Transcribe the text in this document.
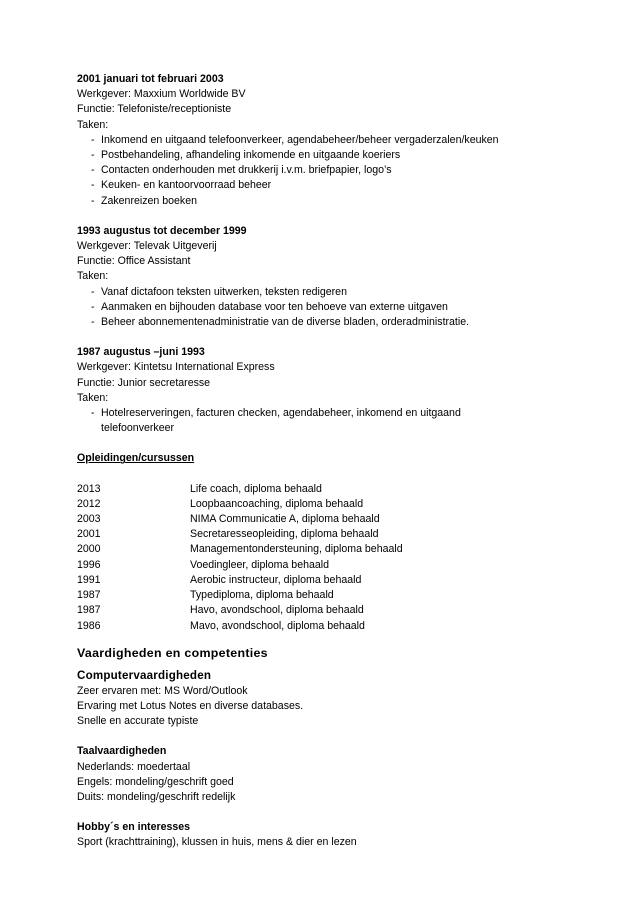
2001 januari tot februari 2003
Werkgever: Maxxium Worldwide BV
Functie: Telefoniste/receptioniste
Taken:
- Inkomend en uitgaand telefoonverkeer, agendabeheer/beheer vergaderzalen/keuken
- Postbehandeling, afhandeling inkomende en uitgaande koeriers
- Contacten onderhouden met drukkerij i.v.m. briefpapier, logo’s
- Keuken- en kantoorvoorraad beheer
- Zakenreizen boeken
1993 augustus tot december 1999
Werkgever: Televak Uitgeverij
Functie: Office Assistant
Taken:
- Vanaf dictafoon teksten uitwerken, teksten redigeren
- Aanmaken en bijhouden database voor ten behoeve van externe uitgaven
- Beheer abonnementenadministratie van de diverse bladen, orderadministratie.
1987 augustus –juni 1993
Werkgever: Kintetsu International Express
Functie: Junior secretaresse
Taken:
- Hotelreserveringen, facturen checken, agendabeheer, inkomend en uitgaand telefoonverkeer
Opleidingen/cursussen
2013	Life coach, diploma behaald
2012	Loopbaancoaching, diploma behaald
2003	NIMA Communicatie A, diploma behaald
2001	Secretaresseopleiding, diploma behaald
2000	Managementondersteuning, diploma behaald
1996	Voedingleer, diploma behaald
1991	Aerobic instructeur, diploma behaald
1987	Typediploma, diploma behaald
1987	Havo, avondschool, diploma behaald
1986	Mavo, avondschool, diploma behaald
Vaardigheden en competenties
Computervaardigheden
Zeer ervaren met: MS Word/Outlook
Ervaring met Lotus Notes en diverse databases.
Snelle en accurate typiste
Taalvaardigheden
Nederlands: moedertaal
Engels: mondeling/geschrift goed
Duits: mondeling/geschrift redelijk
Hobby´s en interesses
Sport (krachttraining), klussen in huis, mens & dier en lezen
